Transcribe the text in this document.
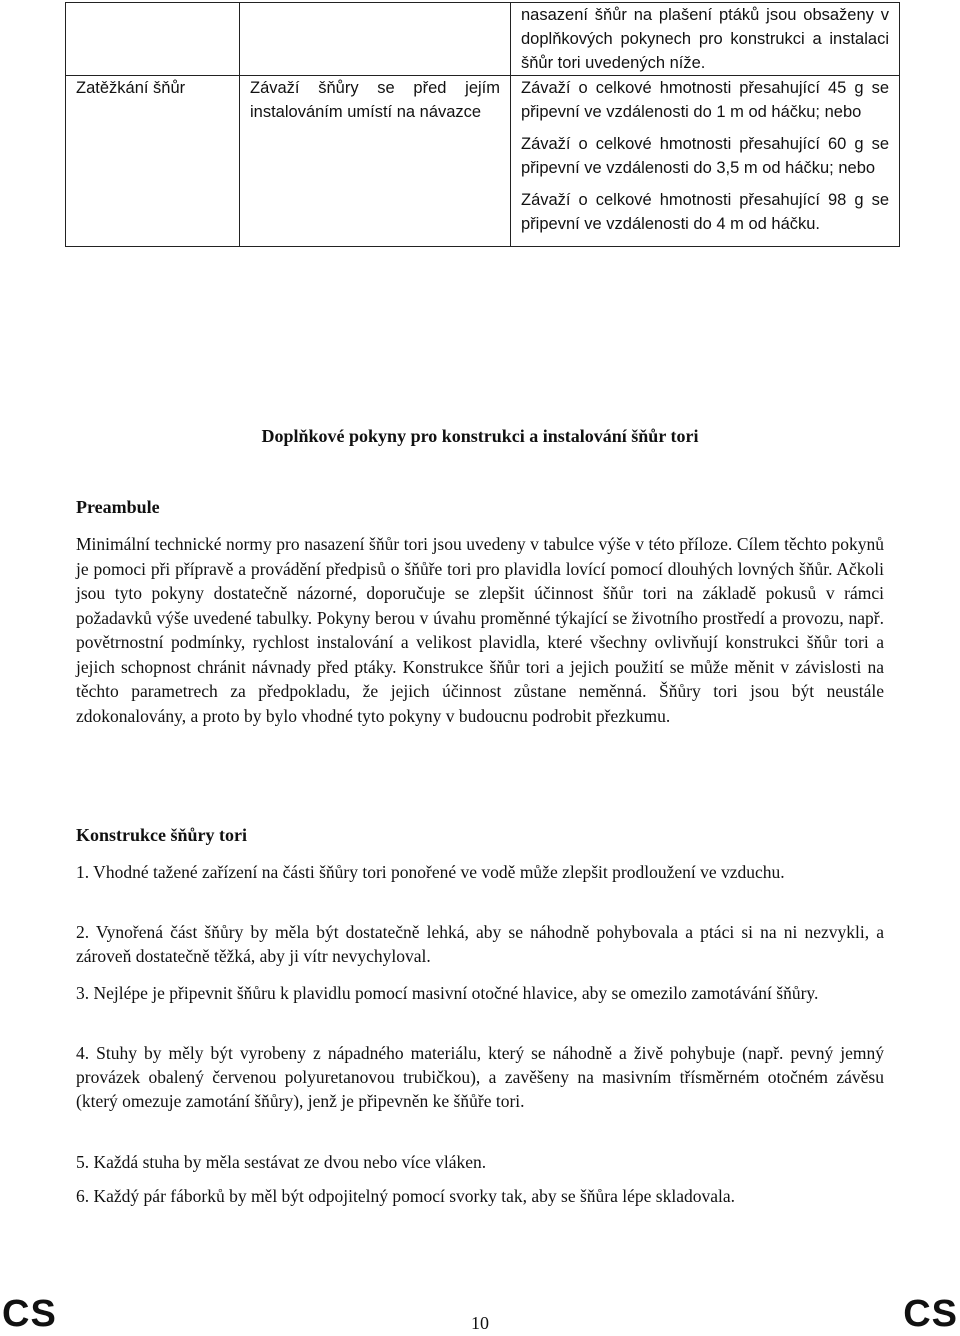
		nasazení šňůr na plašení ptáků jsou obsaženy v doplňkových pokynech pro konstrukci a instalaci šňůr tori uvedených níže.

Zatěžkání šňůr	Závaží šňůry se před jejím instalováním umístí na návazce	Závaží o celkové hmotnosti přesahující 45 g se připevní ve vzdálenosti do 1 m od háčku; nebo

Závaží o celkové hmotnosti přesahující 60 g se připevní ve vzdálenosti do 3,5 m od háčku; nebo

Závaží o celkové hmotnosti přesahující 98 g se připevní ve vzdálenosti do 4 m od háčku.

Doplňkové pokyny pro konstrukci a instalování šňůr tori

Preambule

Minimální technické normy pro nasazení šňůr tori jsou uvedeny v tabulce výše v této příloze. Cílem těchto pokynů je pomoci při přípravě a provádění předpisů o šňůře tori pro plavidla lovící pomocí dlouhých lovných šňůr. Ačkoli jsou tyto pokyny dostatečně názorné, doporučuje se zlepšit účinnost šňůr tori na základě pokusů v rámci požadavků výše uvedené tabulky. Pokyny berou v úvahu proměnné týkající se životního prostředí a provozu, např. povětrnostní podmínky, rychlost instalování a velikost plavidla, které všechny ovlivňují konstrukci šňůr tori a jejich schopnost chránit návnady před ptáky. Konstrukce šňůr tori a jejich použití se může měnit v závislosti na těchto parametrech za předpokladu, že jejich účinnost zůstane neměnná. Šňůry tori jsou být neustále zdokonalovány, a proto by bylo vhodné tyto pokyny v budoucnu podrobit přezkumu.

Konstrukce šňůry tori

1. Vhodné tažené zařízení na části šňůry tori ponořené ve vodě může zlepšit prodloužení ve vzduchu.

2. Vynořená část šňůry by měla být dostatečně lehká, aby se náhodně pohybovala a ptáci si na ni nezvykli, a zároveň dostatečně těžká, aby ji vítr nevychyloval.

3. Nejlépe je připevnit šňůru k plavidlu pomocí masivní otočné hlavice, aby se omezilo zamotávání šňůry.

4. Stuhy by měly být vyrobeny z nápadného materiálu, který se náhodně a živě pohybuje (např. pevný jemný provázek obalený červenou polyuretanovou trubičkou), a zavěšeny na masivním třísměrném otočném závěsu (který omezuje zamotání šňůry), jenž je připevněn ke šňůře tori.

5. Každá stuha by měla sestávat ze dvou nebo více vláken.

6. Každý pár fáborků by měl být odpojitelný pomocí svorky tak, aby se šňůra lépe skladovala.

CS	10	CS
